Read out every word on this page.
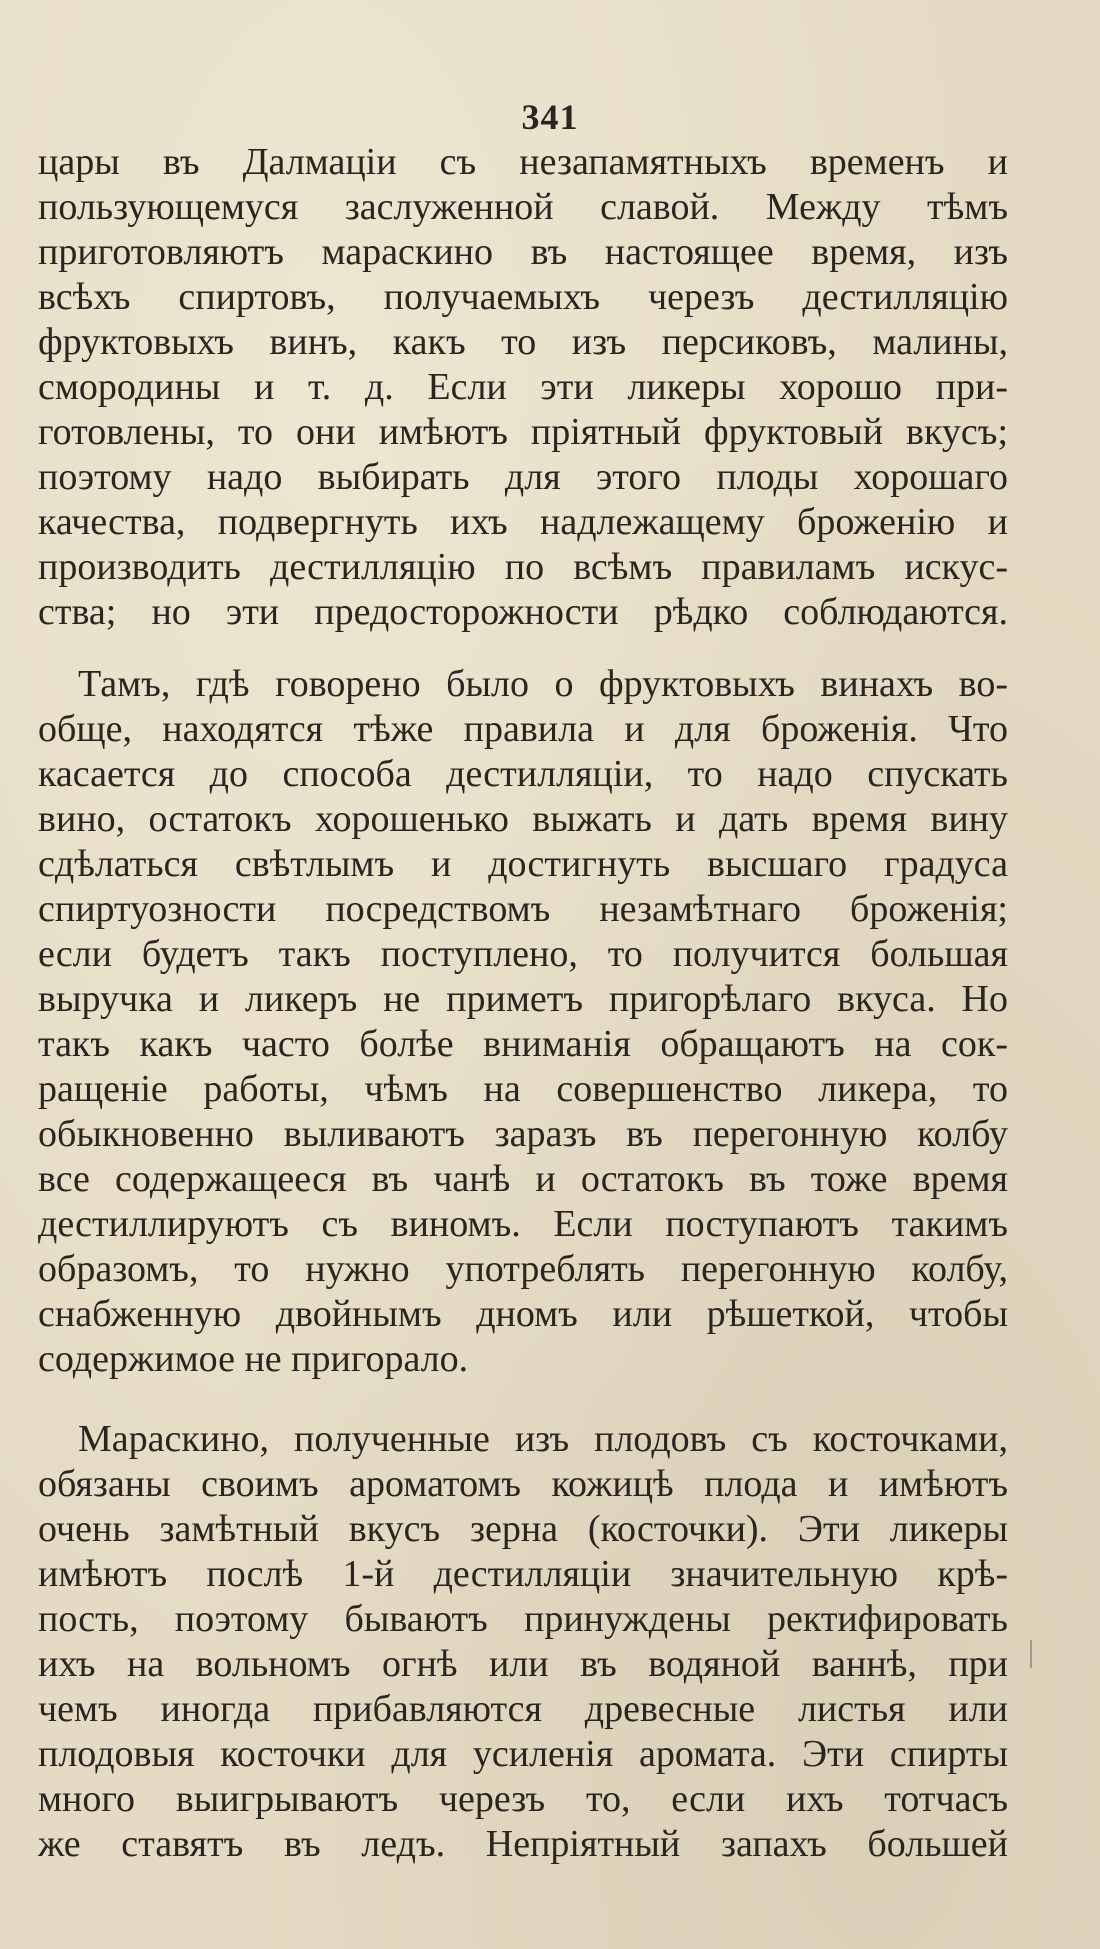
341
цары въ Далмаціи съ незапамятныхъ временъ и
пользующемуся заслуженной славой. Между тѣмъ
приготовляютъ мараскино въ настоящее время, изъ
всѣхъ спиртовъ, получаемыхъ черезъ дестилляцію
фруктовыхъ винъ, какъ то изъ персиковъ, малины,
смородины и т. д. Если эти ликеры хорошо при-
готовлены, то они имѣютъ пріятный фруктовый вкусъ;
поэтому надо выбирать для этого плоды хорошаго
качества, подвергнуть ихъ надлежащему броженію и
производить дестилляцію по всѣмъ правиламъ искус-
ства; но эти предосторожности рѣдко соблюдаются.
Тамъ, гдѣ говорено было о фруктовыхъ винахъ во-
обще, находятся тѣже правила и для броженія. Что
касается до способа дестилляціи, то надо спускать
вино, остатокъ хорошенько выжать и дать время вину
сдѣлаться свѣтлымъ и достигнуть высшаго градуса
спиртуозности посредствомъ незамѣтнаго броженія;
если будетъ такъ поступлено, то получится большая
выручка и ликеръ не приметъ пригорѣлаго вкуса. Но
такъ какъ часто болѣе вниманія обращаютъ на сок-
ращеніе работы, чѣмъ на совершенство ликера, то
обыкновенно выливаютъ заразъ въ перегонную колбу
все содержащееся въ чанѣ и остатокъ въ тоже время
дестиллируютъ съ виномъ. Если поступаютъ такимъ
образомъ, то нужно употреблять перегонную колбу,
снабженную двойнымъ дномъ или рѣшеткой, чтобы
содержимое не пригорало.
Мараскино, полученные изъ плодовъ съ косточками,
обязаны своимъ ароматомъ кожицѣ плода и имѣютъ
очень замѣтный вкусъ зерна (косточки). Эти ликеры
имѣютъ послѣ 1-й дестилляціи значительную крѣ-
пость, поэтому бываютъ принуждены ректифировать
ихъ на вольномъ огнѣ или въ водяной ваннѣ, при
чемъ иногда прибавляются древесные листья или
плодовыя косточки для усиленія аромата. Эти спирты
много выигрываютъ черезъ то, если ихъ тотчасъ
же ставятъ въ ледъ. Непріятный запахъ большей
